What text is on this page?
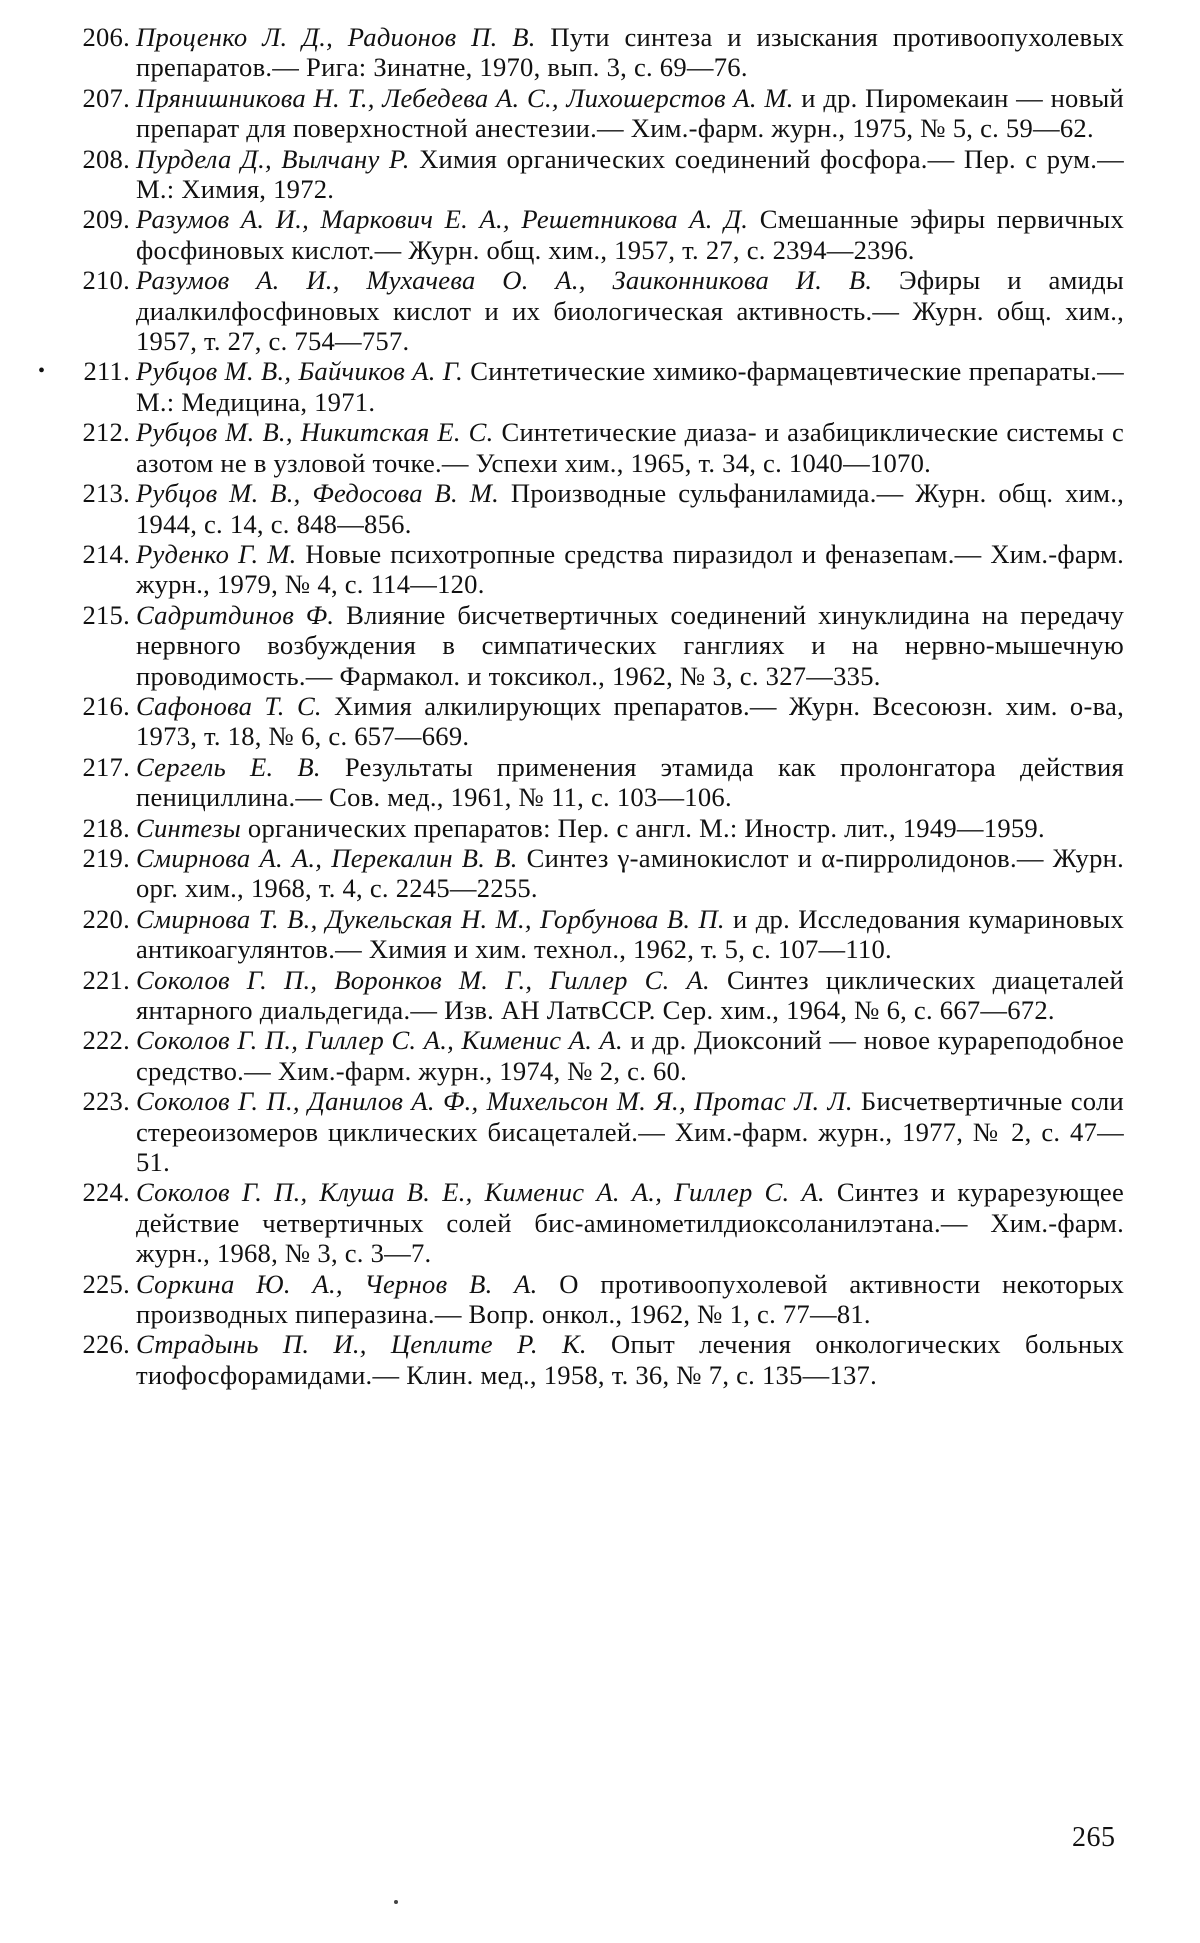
206. Проценко Л. Д., Радионов П. В. Пути синтеза и изыскания противоопухолевых препаратов.— Рига: Зинатне, 1970, вып. 3, с. 69—76.
207. Прянишникова Н. Т., Лебедева А. С., Лихошерстов А. М. и др. Пиромекаин — новый препарат для поверхностной анестезии.— Хим.-фарм. журн., 1975, № 5, с. 59—62.
208. Пурдела Д., Вылчану Р. Химия органических соединений фосфора.— Пер. с рум.— М.: Химия, 1972.
209. Разумов А. И., Маркович Е. А., Решетникова А. Д. Смешанные эфиры первичных фосфиновых кислот.— Журн. общ. хим., 1957, т. 27, с. 2394—2396.
210. Разумов А. И., Мухачева О. А., Заиконникова И. В. Эфиры и амиды диалкилфосфиновых кислот и их биологическая активность.— Журн. общ. хим., 1957, т. 27, с. 754—757.
•	211. Рубцов М. В., Байчиков А. Г. Синтетические химико-фармацевтические препараты.— М.: Медицина, 1971.
212. Рубцов М. В., Никитская Е. С. Синтетические диаза- и азабициклические системы с азотом не в узловой точке.— Успехи хим., 1965, т. 34, с. 1040—1070.
213. Рубцов М. В., Федосова В. М. Производные сульфаниламида.— Журн. общ. хим., 1944, с. 14, с. 848—856.
214. Руденко Г. М. Новые психотропные средства пиразидол и феназепам.— Хим.-фарм. журн., 1979, № 4, с. 114—120.
215. Садритдинов Ф. Влияние бисчетвертичных соединений хинуклидина на передачу нервного возбуждения в симпатических ганглиях и на нервно-мышечную проводимость.— Фармакол. и токсикол., 1962, № 3, с. 327—335.
216. Сафонова Т. С. Химия алкилирующих препаратов.— Журн. Всесоюзн. хим. о-ва, 1973, т. 18, № 6, с. 657—669.
217. Сергель Е. В. Результаты применения этамида как пролонгатора действия пенициллина.— Сов. мед., 1961, № 11, с. 103—106.
218. Синтезы органических препаратов: Пер. с англ. М.: Иностр. лит., 1949—1959.
219. Смирнова А. А., Перекалин В. В. Синтез γ-аминокислот и α-пирролидонов.— Журн. орг. хим., 1968, т. 4, с. 2245—2255.
220. Смирнова Т. В., Дукельская Н. М., Горбунова В. П. и др. Исследования кумариновых антикоагулянтов.— Химия и хим. технол., 1962, т. 5, с. 107—110.
221. Соколов Г. П., Воронков М. Г., Гиллер С. А. Синтез циклических диацеталей янтарного диальдегида.— Изв. АН ЛатвССР. Сер. хим., 1964, № 6, с. 667—672.
222. Соколов Г. П., Гиллер С. А., Кименис А. А. и др. Диоксоний — новое курареподобное средство.— Хим.-фарм. журн., 1974, № 2, с. 60.
223. Соколов Г. П., Данилов А. Ф., Михельсон М. Я., Протас Л. Л. Бисчетвертичные соли стереоизомеров циклических бисацеталей.— Хим.-фарм. журн., 1977, № 2, с. 47—51.
224. Соколов Г. П., Клуша В. Е., Кименис А. А., Гиллер С. А. Синтез и курарезующее действие четвертичных солей бис-аминометилдиоксоланилэтана.— Хим.-фарм. журн., 1968, № 3, с. 3—7.
225. Соркина Ю. А., Чернов В. А. О противоопухолевой активности некоторых производных пиперазина.— Вопр. онкол., 1962, № 1, с. 77—81.
226. Страдынь П. И., Цеплите Р. К. Опыт лечения онкологических больных тиофосфорамидами.— Клин. мед., 1958, т. 36, № 7, с. 135—137.
265
